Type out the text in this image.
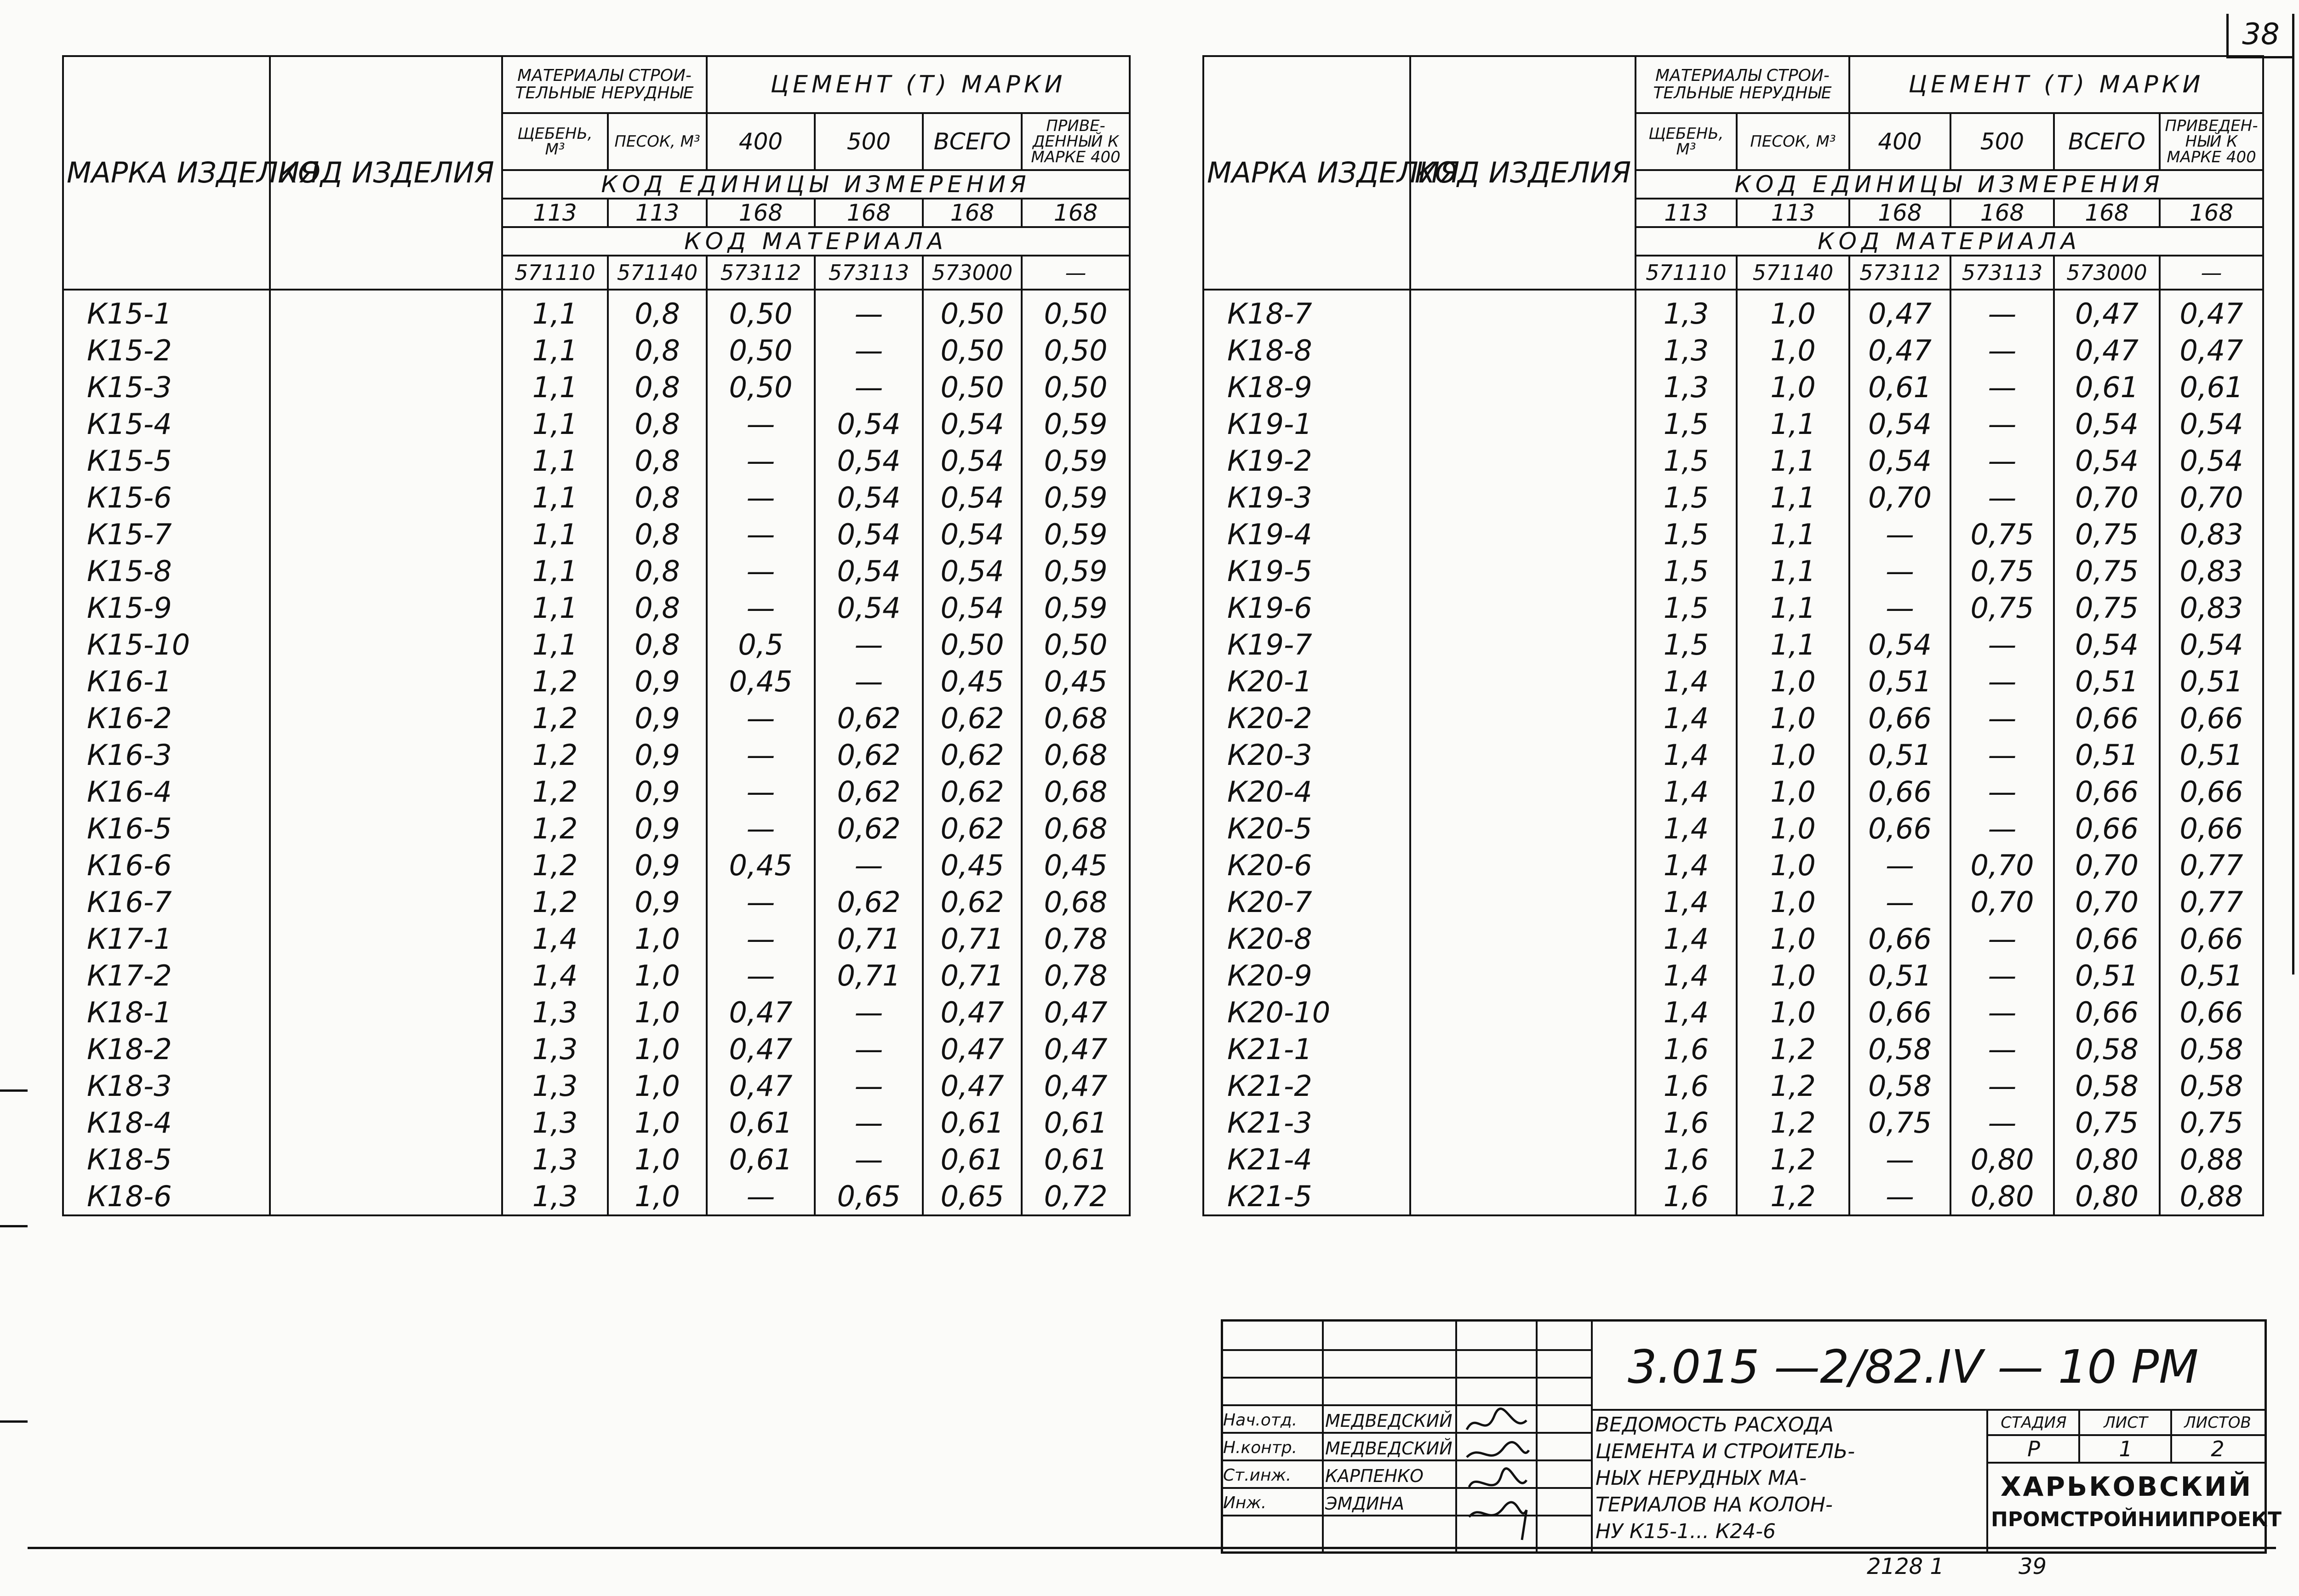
38
МАРКА ИЗДЕЛИЯ	КОД ИЗДЕЛИЯ	МАТЕРИАЛЫ СТРОИ-ТЕЛЬНЫЕ НЕРУДНЫЕ		ЦЕМЕНТ (Т) МАРКИ			
		ЩЕБЕНЬ, М³	ПЕСОК, М³	400	500	ВСЕГО	ПРИВЕ-ДЕННЫЙ К МАРКЕ 400
		КОД ЕДИНИЦЫ ИЗМЕРЕНИЯ					
		113	113	168	168	168	168
		КОД МАТЕРИАЛА					
		571110	571140	573112	573113	573000	—
К15-1		1,1	0,8	0,50	—	0,50	0,50
К15-2		1,1	0,8	0,50	—	0,50	0,50
К15-3		1,1	0,8	0,50	—	0,50	0,50
К15-4		1,1	0,8	—	0,54	0,54	0,59
К15-5		1,1	0,8	—	0,54	0,54	0,59
К15-6		1,1	0,8	—	0,54	0,54	0,59
К15-7		1,1	0,8	—	0,54	0,54	0,59
К15-8		1,1	0,8	—	0,54	0,54	0,59
К15-9		1,1	0,8	—	0,54	0,54	0,59
К15-10		1,1	0,8	0,5	—	0,50	0,50
К16-1		1,2	0,9	0,45	—	0,45	0,45
К16-2		1,2	0,9	—	0,62	0,62	0,68
К16-3		1,2	0,9	—	0,62	0,62	0,68
К16-4		1,2	0,9	—	0,62	0,62	0,68
К16-5		1,2	0,9	—	0,62	0,62	0,68
К16-6		1,2	0,9	0,45	—	0,45	0,45
К16-7		1,2	0,9	—	0,62	0,62	0,68
К17-1		1,4	1,0	—	0,71	0,71	0,78
К17-2		1,4	1,0	—	0,71	0,71	0,78
К18-1		1,3	1,0	0,47	—	0,47	0,47
К18-2		1,3	1,0	0,47	—	0,47	0,47
К18-3		1,3	1,0	0,47	—	0,47	0,47
К18-4		1,3	1,0	0,61	—	0,61	0,61
К18-5		1,3	1,0	0,61	—	0,61	0,61
К18-6		1,3	1,0	—	0,65	0,65	0,72
МАРКА ИЗДЕЛИЯ	КОД ИЗДЕЛИЯ	МАТЕРИАЛЫ СТРОИ-ТЕЛЬНЫЕ НЕРУДНЫЕ		ЦЕМЕНТ (Т) МАРКИ			
		ЩЕБЕНЬ, М³	ПЕСОК, М³	400	500	ВСЕГО	ПРИВЕДЕН-НЫЙ К МАРКЕ 400
		КОД ЕДИНИЦЫ ИЗМЕРЕНИЯ					
		113	113	168	168	168	168
		КОД МАТЕРИАЛА					
		571110	571140	573112	573113	573000	—
К18-7		1,3	1,0	0,47	—	0,47	0,47
К18-8		1,3	1,0	0,47	—	0,47	0,47
К18-9		1,3	1,0	0,61	—	0,61	0,61
К19-1		1,5	1,1	0,54	—	0,54	0,54
К19-2		1,5	1,1	0,54	—	0,54	0,54
К19-3		1,5	1,1	0,70	—	0,70	0,70
К19-4		1,5	1,1	—	0,75	0,75	0,83
К19-5		1,5	1,1	—	0,75	0,75	0,83
К19-6		1,5	1,1	—	0,75	0,75	0,83
К19-7		1,5	1,1	0,54	—	0,54	0,54
К20-1		1,4	1,0	0,51	—	0,51	0,51
К20-2		1,4	1,0	0,66	—	0,66	0,66
К20-3		1,4	1,0	0,51	—	0,51	0,51
К20-4		1,4	1,0	0,66	—	0,66	0,66
К20-5		1,4	1,0	0,66	—	0,66	0,66
К20-6		1,4	1,0	—	0,70	0,70	0,77
К20-7		1,4	1,0	—	0,70	0,70	0,77
К20-8		1,4	1,0	0,66	—	0,66	0,66
К20-9		1,4	1,0	0,51	—	0,51	0,51
К20-10		1,4	1,0	0,66	—	0,66	0,66
К21-1		1,6	1,2	0,58	—	0,58	0,58
К21-2		1,6	1,2	0,58	—	0,58	0,58
К21-3		1,6	1,2	0,75	—	0,75	0,75
К21-4		1,6	1,2	—	0,80	0,80	0,88
К21-5		1,6	1,2	—	0,80	0,80	0,88
3.015 —2/82.IV — 10 РМ
Нач.отд.
Н.контр.
Ст.инж.
Инж.
МЕДВЕДСКИЙ
МЕДВЕДСКИЙ
КАРПЕНКО
ЭМДИНА
ВЕДОМОСТЬ РАСХОДА
ЦЕМЕНТА И СТРОИТЕЛЬ-
НЫХ НЕРУДНЫХ МА-
ТЕРИАЛОВ НА КОЛОН-
НУ К15-1... К24-6
СТАДИЯ	ЛИСТ	ЛИСТОВ
Р	1	2
ХАРЬКОВСКИЙ
ПРОМСТРОЙНИИПРОЕКТ
2128 1	39
